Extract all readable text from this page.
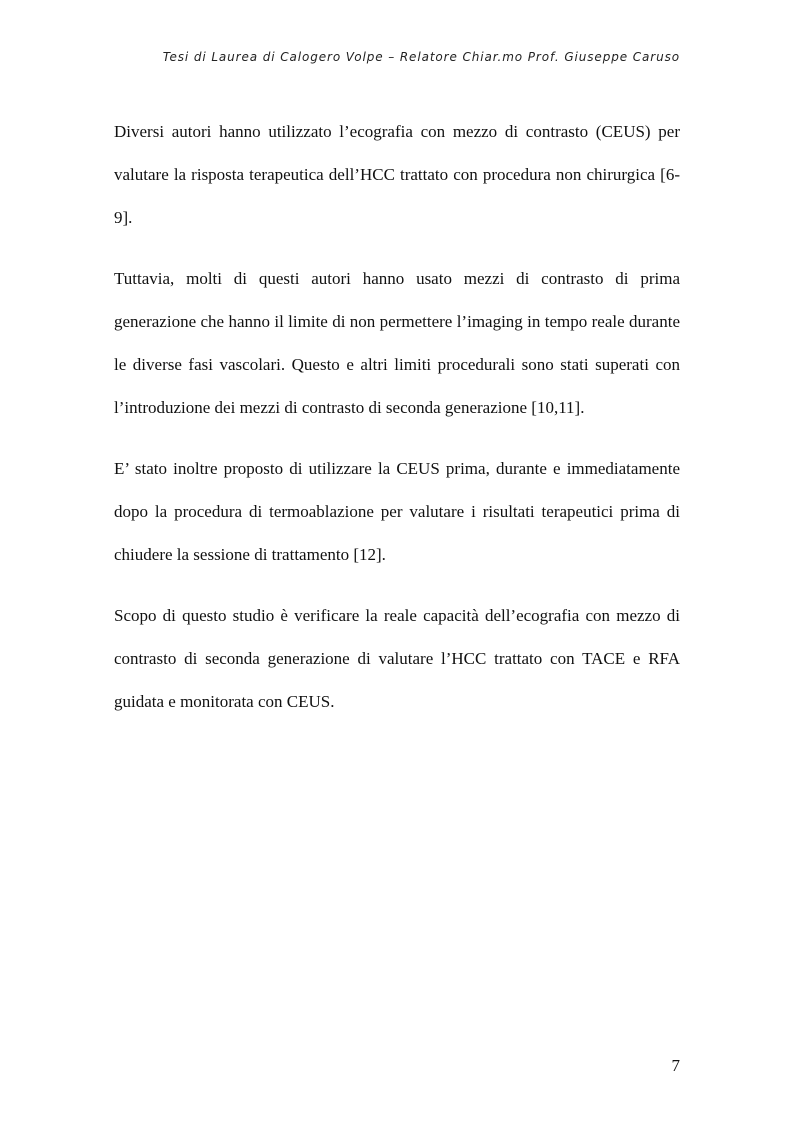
Tesi di Laurea di Calogero Volpe – Relatore Chiar.mo Prof. Giuseppe Caruso

Diversi autori hanno utilizzato l’ecografia con mezzo di contrasto (CEUS) per valutare la risposta terapeutica dell’HCC trattato con procedura non chirurgica [6-9].

Tuttavia, molti di questi autori hanno usato mezzi di contrasto di prima generazione che hanno il limite di non permettere l’imaging in tempo reale durante le diverse fasi vascolari. Questo e altri limiti procedurali sono stati superati con l’introduzione dei mezzi di contrasto di seconda generazione [10,11].

E’ stato inoltre proposto di utilizzare la CEUS prima, durante e immediatamente dopo la procedura di termoablazione per valutare i risultati terapeutici prima di chiudere la sessione di trattamento [12].

Scopo di questo studio è verificare la reale capacità dell’ecografia con mezzo di contrasto di seconda generazione di valutare l’HCC trattato con TACE e RFA guidata e monitorata con CEUS.

7
